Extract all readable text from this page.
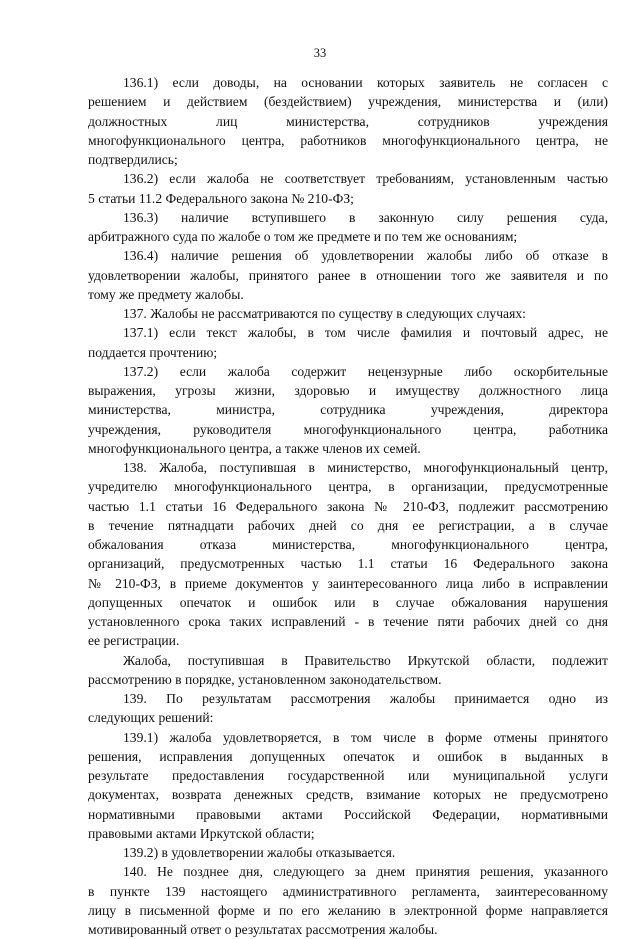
33
136.1) если доводы, на основании которых заявитель не согласен с
решением и действием (бездействием) учреждения, министерства и (или)
должностных лиц министерства, сотрудников учреждения
многофункционального центра, работников многофункционального центра, не
подтвердились;
136.2) если жалоба не соответствует требованиям, установленным частью
5 статьи 11.2 Федерального закона № 210-ФЗ;
136.3) наличие вступившего в законную силу решения суда,
арбитражного суда по жалобе о том же предмете и по тем же основаниям;
136.4) наличие решения об удовлетворении жалобы либо об отказе в
удовлетворении жалобы, принятого ранее в отношении того же заявителя и по
тому же предмету жалобы.
137. Жалобы не рассматриваются по существу в следующих случаях:
137.1) если текст жалобы, в том числе фамилия и почтовый адрес, не
поддается прочтению;
137.2) если жалоба содержит нецензурные либо оскорбительные
выражения, угрозы жизни, здоровью и имуществу должностного лица
министерства, министра, сотрудника учреждения, директора
учреждения, руководителя многофункционального центра, работника
многофункционального центра, а также членов их семей.
138. Жалоба, поступившая в министерство, многофункциональный центр,
учредителю многофункционального центра, в организации, предусмотренные
частью 1.1 статьи 16 Федерального закона № 210-ФЗ, подлежит рассмотрению
в течение пятнадцати рабочих дней со дня ее регистрации, а в случае
обжалования отказа министерства, многофункционального центра,
организаций, предусмотренных частью 1.1 статьи 16 Федерального закона
№ 210-ФЗ, в приеме документов у заинтересованного лица либо в исправлении
допущенных опечаток и ошибок или в случае обжалования нарушения
установленного срока таких исправлений - в течение пяти рабочих дней со дня
ее регистрации.
Жалоба, поступившая в Правительство Иркутской области, подлежит
рассмотрению в порядке, установленном законодательством.
139. По результатам рассмотрения жалобы принимается одно из
следующих решений:
139.1) жалоба удовлетворяется, в том числе в форме отмены принятого
решения, исправления допущенных опечаток и ошибок в выданных в
результате предоставления государственной или муниципальной услуги
документах, возврата денежных средств, взимание которых не предусмотрено
нормативными правовыми актами Российской Федерации, нормативными
правовыми актами Иркутской области;
139.2) в удовлетворении жалобы отказывается.
140. Не позднее дня, следующего за днем принятия решения, указанного
в пункте 139 настоящего административного регламента, заинтересованному
лицу в письменной форме и по его желанию в электронной форме направляется
мотивированный ответ о результатах рассмотрения жалобы.
